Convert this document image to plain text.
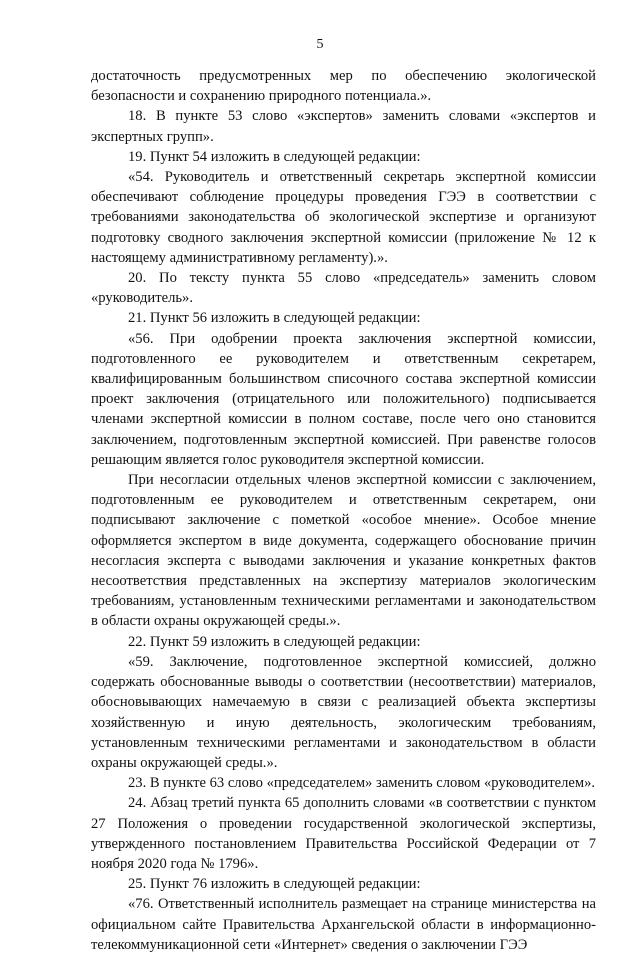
5

достаточность предусмотренных мер по обеспечению экологической безопасности и сохранению природного потенциала.».

18. В пункте 53 слово «экспертов» заменить словами «экспертов и экспертных групп».

19. Пункт 54 изложить в следующей редакции:

«54. Руководитель и ответственный секретарь экспертной комиссии обеспечивают соблюдение процедуры проведения ГЭЭ в соответствии с требованиями законодательства об экологической экспертизе и организуют подготовку сводного заключения экспертной комиссии (приложение № 12 к настоящему административному регламенту).».

20. По тексту пункта 55 слово «председатель» заменить словом «руководитель».

21. Пункт 56 изложить в следующей редакции:

«56. При одобрении проекта заключения экспертной комиссии, подготовленного ее руководителем и ответственным секретарем, квалифицированным большинством списочного состава экспертной комиссии проект заключения (отрицательного или положительного) подписывается членами экспертной комиссии в полном составе, после чего оно становится заключением, подготовленным экспертной комиссией. При равенстве голосов решающим является голос руководителя экспертной комиссии.

При несогласии отдельных членов экспертной комиссии с заключением, подготовленным ее руководителем и ответственным секретарем, они подписывают заключение с пометкой «особое мнение». Особое мнение оформляется экспертом в виде документа, содержащего обоснование причин несогласия эксперта с выводами заключения и указание конкретных фактов несоответствия представленных на экспертизу материалов экологическим требованиям, установленным техническими регламентами и законодательством в области охраны окружающей среды.».

22. Пункт 59 изложить в следующей редакции:

«59. Заключение, подготовленное экспертной комиссией, должно содержать обоснованные выводы о соответствии (несоответствии) материалов, обосновывающих намечаемую в связи с реализацией объекта экспертизы хозяйственную и иную деятельность, экологическим требованиям, установленным техническими регламентами и законодательством в области охраны окружающей среды.».

23. В пункте 63 слово «председателем» заменить словом «руководителем».

24. Абзац третий пункта 65 дополнить словами «в соответствии с пунктом 27 Положения о проведении государственной экологической экспертизы, утвержденного постановлением Правительства Российской Федерации от 7 ноября 2020 года № 1796».

25. Пункт 76 изложить в следующей редакции:

«76. Ответственный исполнитель размещает на странице министерства на официальном сайте Правительства Архангельской области в информационно-телекоммуникационной сети «Интернет» сведения о заключении ГЭЭ
